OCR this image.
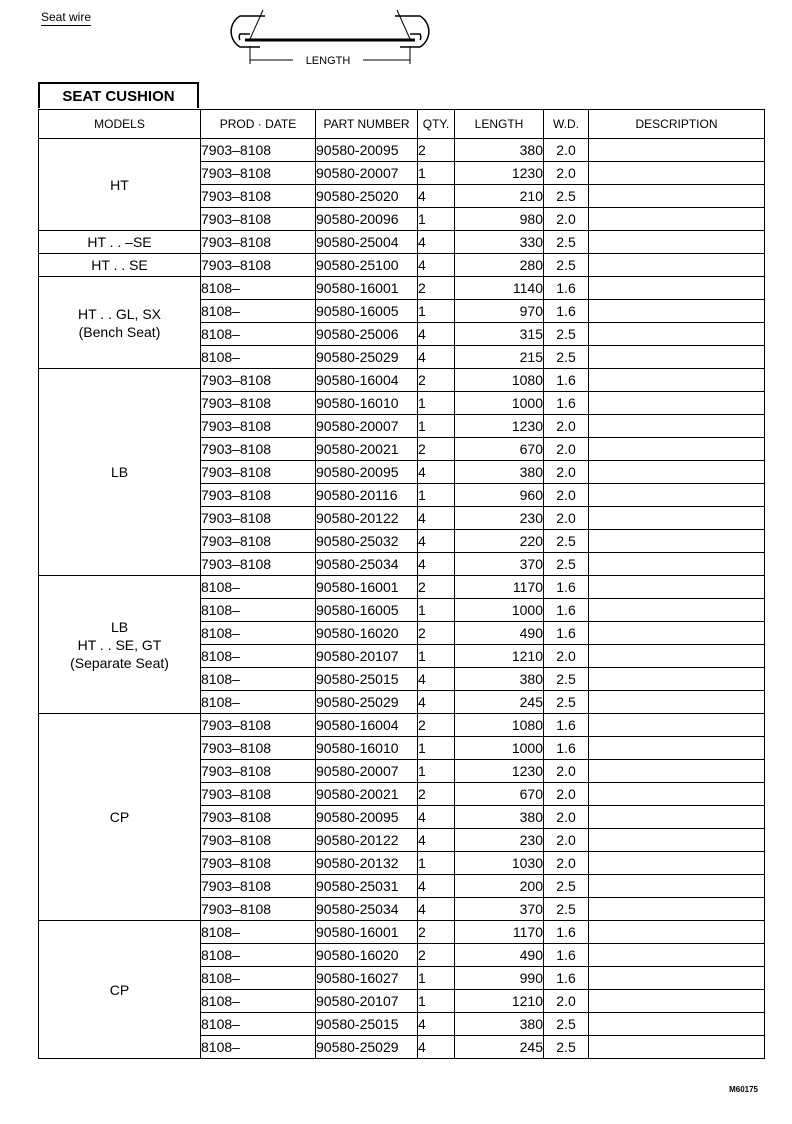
Seat wire
LENGTH
SEAT CUSHION
MODELS	PROD · DATE	PART NUMBER	QTY.	LENGTH	W.D.	DESCRIPTION

HT	7903–8108	90580-20095	2	380	2.0	
	7903–8108	90580-20007	1	1230	2.0	
	7903–8108	90580-25020	4	210	2.5	
	7903–8108	90580-20096	1	980	2.0	

HT . . –SE	7903–8108	90580-25004	4	330	2.5	

HT . . SE	7903–8108	90580-25100	4	280	2.5	

HT . . GL, SX
(Bench Seat)	8108–	90580-16001	2	1140	1.6	
	8108–	90580-16005	1	970	1.6	
	8108–	90580-25006	4	315	2.5	
	8108–	90580-25029	4	215	2.5	

LB	7903–8108	90580-16004	2	1080	1.6	
	7903–8108	90580-16010	1	1000	1.6	
	7903–8108	90580-20007	1	1230	2.0	
	7903–8108	90580-20021	2	670	2.0	
	7903–8108	90580-20095	4	380	2.0	
	7903–8108	90580-20116	1	960	2.0	
	7903–8108	90580-20122	4	230	2.0	
	7903–8108	90580-25032	4	220	2.5	
	7903–8108	90580-25034	4	370	2.5	

LB
HT . . SE, GT
(Separate Seat)	8108–	90580-16001	2	1170	1.6	
	8108–	90580-16005	1	1000	1.6	
	8108–	90580-16020	2	490	1.6	
	8108–	90580-20107	1	1210	2.0	
	8108–	90580-25015	4	380	2.5	
	8108–	90580-25029	4	245	2.5	

CP	7903–8108	90580-16004	2	1080	1.6	
	7903–8108	90580-16010	1	1000	1.6	
	7903–8108	90580-20007	1	1230	2.0	
	7903–8108	90580-20021	2	670	2.0	
	7903–8108	90580-20095	4	380	2.0	
	7903–8108	90580-20122	4	230	2.0	
	7903–8108	90580-20132	1	1030	2.0	
	7903–8108	90580-25031	4	200	2.5	
	7903–8108	90580-25034	4	370	2.5	

CP	8108–	90580-16001	2	1170	1.6	
	8108–	90580-16020	2	490	1.6	
	8108–	90580-16027	1	990	1.6	
	8108–	90580-20107	1	1210	2.0	
	8108–	90580-25015	4	380	2.5	
	8108–	90580-25029	4	245	2.5	
M60175
